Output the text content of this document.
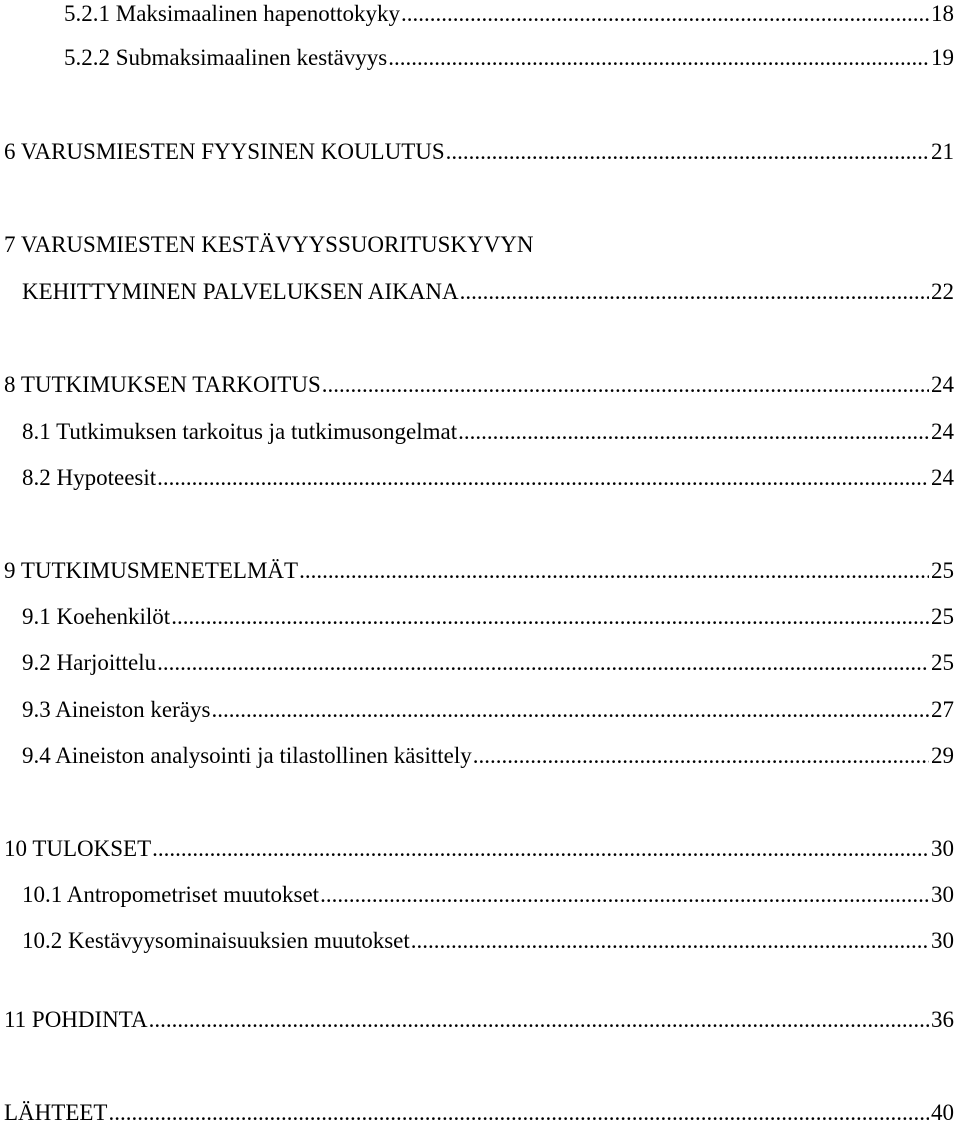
5.2.1 Maksimaalinen hapenottokyky .....	18
5.2.2 Submaksimaalinen kestävyys .....	19
6 VARUSMIESTEN FYYSINEN KOULUTUS .....	21
7 VARUSMIESTEN KESTÄVYYSSUORITUSKYVYN
KEHITTYMINEN PALVELUKSEN AIKANA .....	22
8 TUTKIMUKSEN TARKOITUS .....	24
8.1 Tutkimuksen tarkoitus ja tutkimusongelmat .....	24
8.2 Hypoteesit .....	24
9 TUTKIMUSMENETELMÄT .....	25
9.1 Koehenkilöt .....	25
9.2 Harjoittelu .....	25
9.3 Aineiston keräys .....	27
9.4 Aineiston analysointi ja tilastollinen käsittely .....	29
10 TULOKSET .....	30
10.1 Antropometriset muutokset .....	30
10.2 Kestävyysominaisuuksien muutokset .....	30
11 POHDINTA .....	36
LÄHTEET .....	40
